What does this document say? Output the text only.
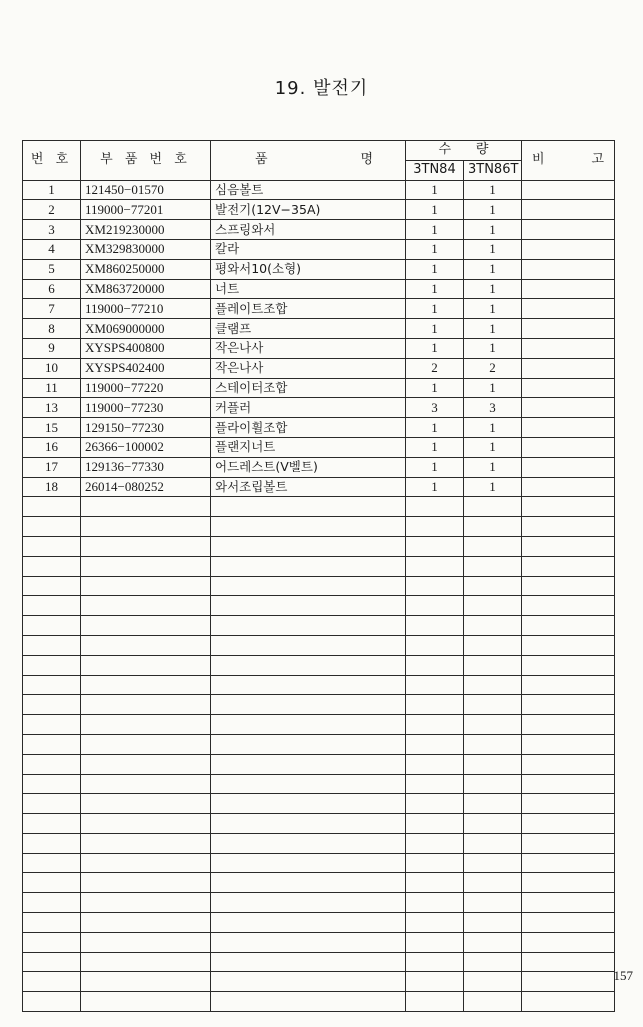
19. 발전기
번 호	부 품 번 호	품 명	수      량		비 고

			3TN84	3TN86T	
1	121450−01570	심음볼트	1	1	
2	119000−77201	발전기(12V−35A)	1	1	
3	XM219230000	스프링와서	1	1	
4	XM329830000	칼라	1	1	
5	XM860250000	평와서10(소형)	1	1	
6	XM863720000	너트	1	1	
7	119000−77210	플레이트조합	1	1	
8	XM069000000	클램프	1	1	
9	XYSPS400800	작은나사	1	1	
10	XYSPS402400	작은나사	2	2	
11	119000−77220	스테이터조합	1	1	
13	119000−77230	커플러	3	3	
15	129150−77230	플라이휠조합	1	1	
16	26366−100002	플랜지너트	1	1	
17	129136−77330	어드레스트(V벨트)	1	1	
18	26014−080252	와서조립볼트	1	1	

157
